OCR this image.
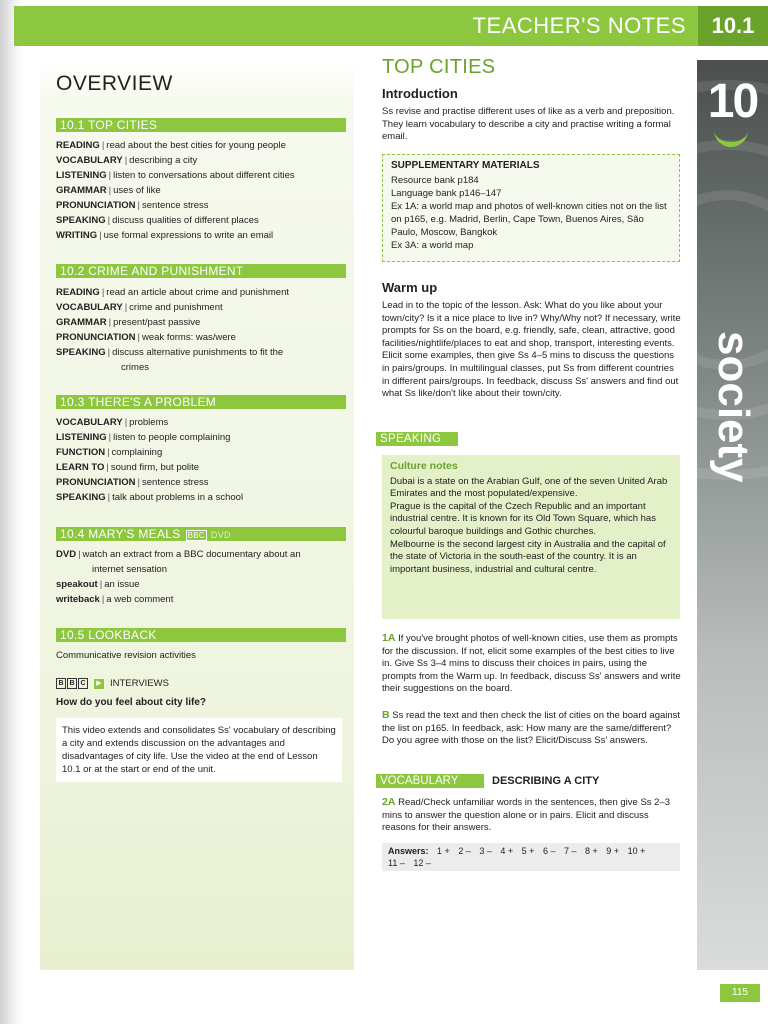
TEACHER'S NOTES	10.1
OVERVIEW
10.1 TOP CITIES
READING | read about the best cities for young people
VOCABULARY | describing a city
LISTENING | listen to conversations about different cities
GRAMMAR | uses of like
PRONUNCIATION | sentence stress
SPEAKING | discuss qualities of different places
WRITING | use formal expressions to write an email
10.2 CRIME AND PUNISHMENT
READING | read an article about crime and punishment
VOCABULARY | crime and punishment
GRAMMAR | present/past passive
PRONUNCIATION | weak forms: was/were
SPEAKING | discuss alternative punishments to fit the
crimes
10.3 THERE'S A PROBLEM
VOCABULARY | problems
LISTENING | listen to people complaining
FUNCTION | complaining
LEARN TO | sound firm, but polite
PRONUNCIATION | sentence stress
SPEAKING | talk about problems in a school
10.4 MARY'S MEALS BBC DVD
DVD | watch an extract from a BBC documentary about an
internet sensation
speakout | an issue
writeback | a web comment
10.5 LOOKBACK
Communicative revision activities
B B C	▶ INTERVIEWS
How do you feel about city life?
This video extends and consolidates Ss' vocabulary of describing a city and extends discussion on the advantages and disadvantages of city life. Use the video at the end of Lesson 10.1 or at the start or end of the unit.
TOP CITIES
Introduction
Ss revise and practise different uses of like as a verb and preposition. They learn vocabulary to describe a city and practise writing a formal email.
SUPPLEMENTARY MATERIALS
Resource bank p184
Language bank p146–147
Ex 1A: a world map and photos of well-known cities not on the list on p165, e.g. Madrid, Berlin, Cape Town, Buenos Aires, São Paulo, Moscow, Bangkok
Ex 3A: a world map
Warm up
Lead in to the topic of the lesson. Ask: What do you like about your town/city? Is it a nice place to live in? Why/Why not? If necessary, write prompts for Ss on the board, e.g. friendly, safe, clean, attractive, good facilities/nightlife/places to eat and shop, transport, interesting events. Elicit some examples, then give Ss 4–5 mins to discuss the questions in pairs/groups. In multilingual classes, put Ss from different countries in different pairs/groups. In feedback, discuss Ss' answers and find out what Ss like/don't like about their town/city.
SPEAKING
Culture notes
Dubai is a state on the Arabian Gulf, one of the seven United Arab Emirates and the most populated/expensive.
Prague is the capital of the Czech Republic and an important industrial centre. It is known for its Old Town Square, which has colourful baroque buildings and Gothic churches.
Melbourne is the second largest city in Australia and the capital of the state of Victoria in the south-east of the country. It is an important business, industrial and cultural centre.
1A If you've brought photos of well-known cities, use them as prompts for the discussion. If not, elicit some examples of the best cities to live in. Give Ss 3–4 mins to discuss their choices in pairs, using the prompts from the Warm up. In feedback, discuss Ss' answers and write their suggestions on the board.
B Ss read the text and then check the list of cities on the board against the list on p165. In feedback, ask: How many are the same/different? Do you agree with those on the list? Elicit/Discuss Ss' answers.
VOCABULARY	DESCRIBING A CITY
2A Read/Check unfamiliar words in the sentences, then give Ss 2–3 mins to answer the question alone or in pairs. Elicit and discuss reasons for their answers.
Answers: 1 + 2 – 3 – 4 + 5 + 6 – 7 – 8 + 9 + 10 +
11 – 12 –
10
society
115
